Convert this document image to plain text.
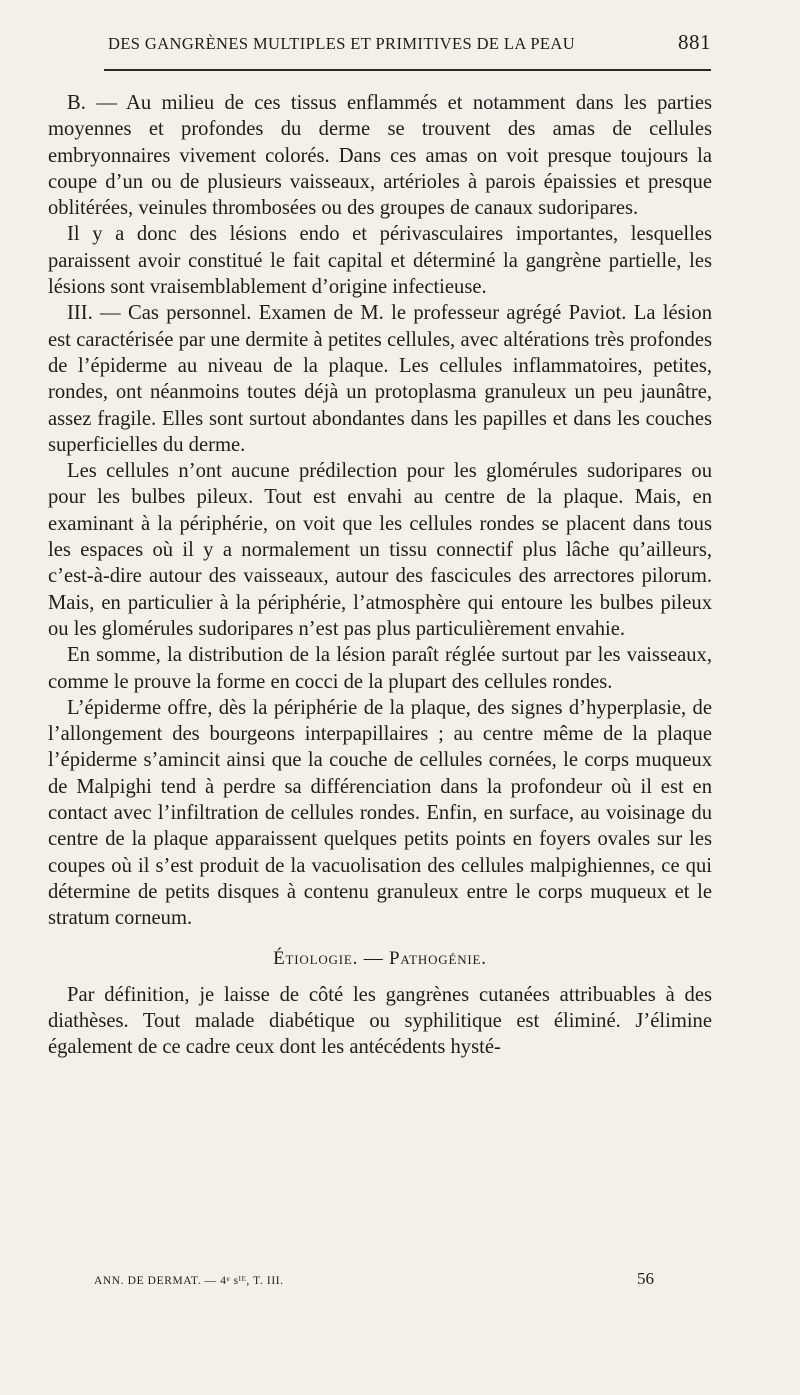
DES GANGRÈNES MULTIPLES ET PRIMITIVES DE LA PEAU	881

B. — Au milieu de ces tissus enflammés et notamment dans les parties moyennes et profondes du derme se trouvent des amas de cellules embryonnaires vivement colorés. Dans ces amas on voit presque toujours la coupe d’un ou de plusieurs vaisseaux, artérioles à parois épaissies et presque oblitérées, veinules thrombosées ou des groupes de canaux sudoripares.

Il y a donc des lésions endo et périvasculaires importantes, lesquelles paraissent avoir constitué le fait capital et déterminé la gangrène partielle, les lésions sont vraisemblablement d’origine infectieuse.

III. — Cas personnel. Examen de M. le professeur agrégé Paviot. La lésion est caractérisée par une dermite à petites cellules, avec altérations très profondes de l’épiderme au niveau de la plaque. Les cellules inflammatoires, petites, rondes, ont néanmoins toutes déjà un protoplasma granuleux un peu jaunâtre, assez fragile. Elles sont surtout abondantes dans les papilles et dans les couches superficielles du derme.

Les cellules n’ont aucune prédilection pour les glomérules sudoripares ou pour les bulbes pileux. Tout est envahi au centre de la plaque. Mais, en examinant à la périphérie, on voit que les cellules rondes se placent dans tous les espaces où il y a normalement un tissu connectif plus lâche qu’ailleurs, c’est-à-dire autour des vaisseaux, autour des fascicules des arrectores pilorum. Mais, en particulier à la périphérie, l’atmosphère qui entoure les bulbes pileux ou les glomérules sudoripares n’est pas plus particulièrement envahie.

En somme, la distribution de la lésion paraît réglée surtout par les vaisseaux, comme le prouve la forme en cocci de la plupart des cellules rondes.

L’épiderme offre, dès la périphérie de la plaque, des signes d’hyperplasie, de l’allongement des bourgeons interpapillaires ; au centre même de la plaque l’épiderme s’amincit ainsi que la couche de cellules cornées, le corps muqueux de Malpighi tend à perdre sa différenciation dans la profondeur où il est en contact avec l’infiltration de cellules rondes. Enfin, en surface, au voisinage du centre de la plaque apparaissent quelques petits points en foyers ovales sur les coupes où il s’est produit de la vacuolisation des cellules malpighiennes, ce qui détermine de petits disques à contenu granuleux entre le corps muqueux et le stratum corneum.

Étiologie. — Pathogénie.

Par définition, je laisse de côté les gangrènes cutanées attribuables à des diathèses. Tout malade diabétique ou syphilitique est éliminé. J’élimine également de ce cadre ceux dont les antécédents hysté-

ANN. DE DERMAT. — 4ᵉ sᴵᴱ, T. III.	56
